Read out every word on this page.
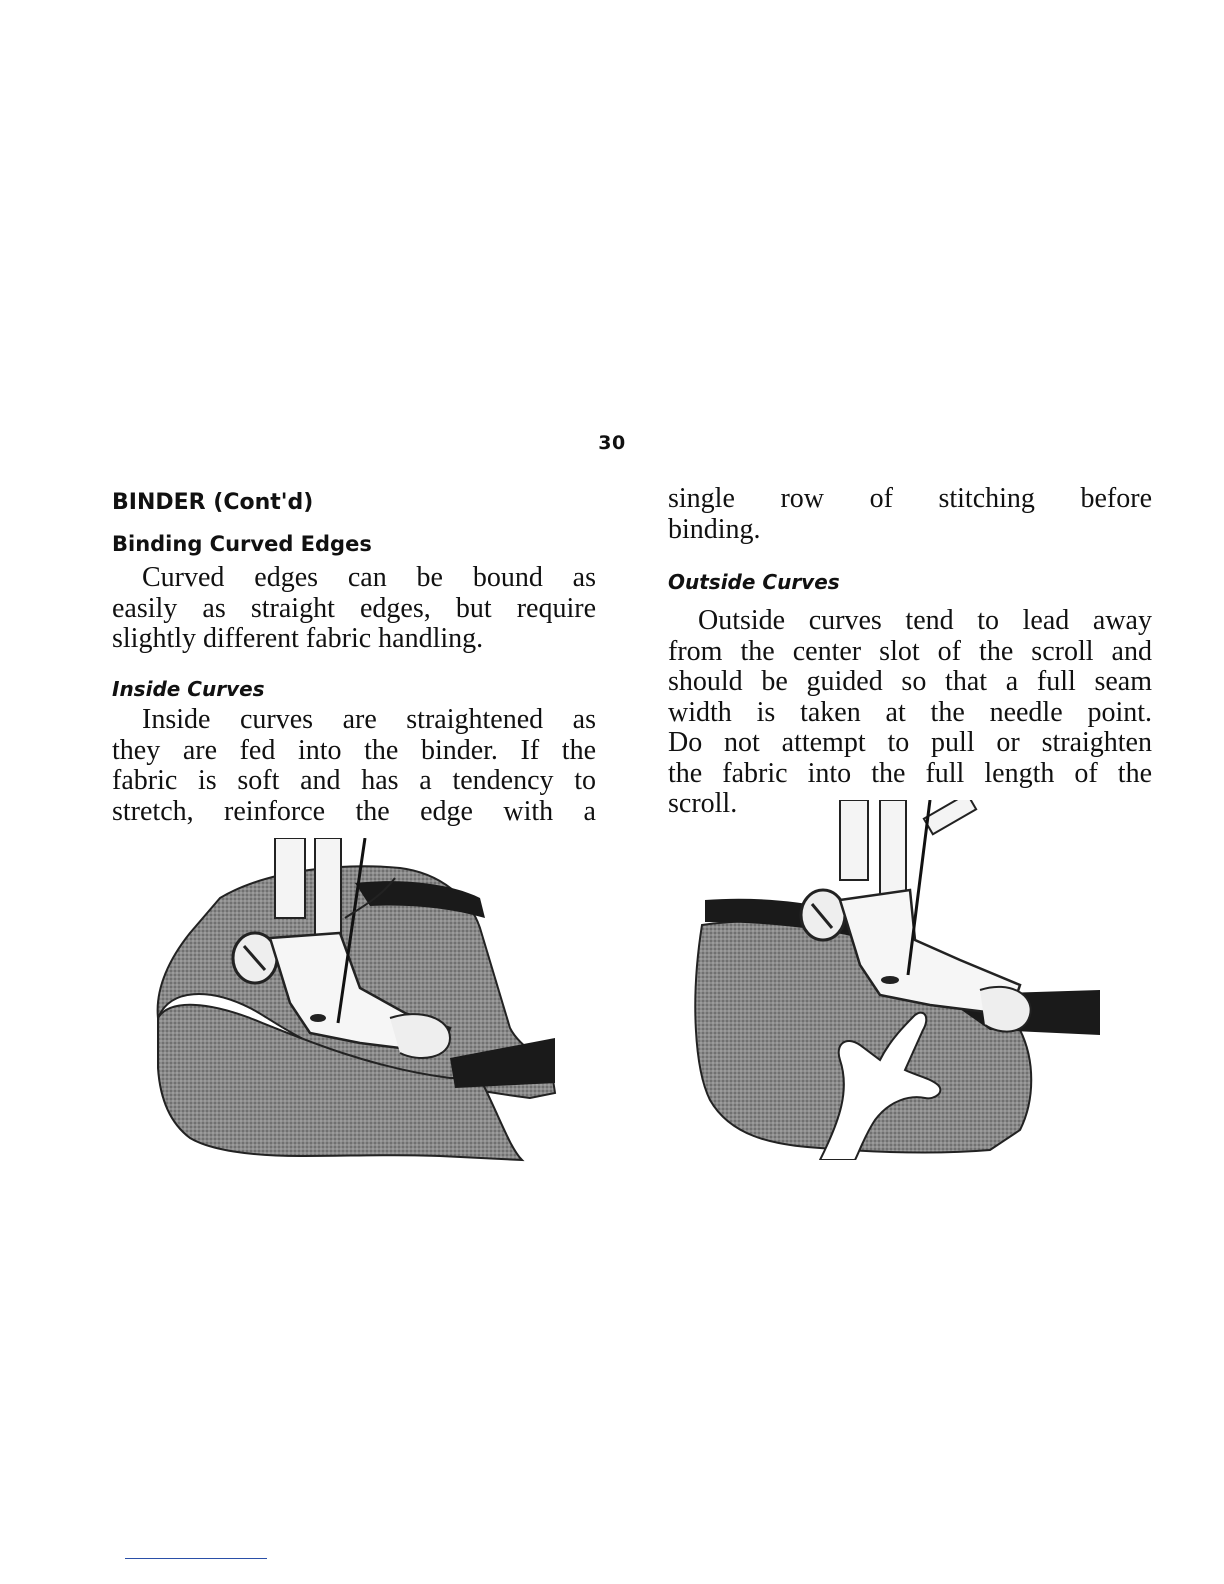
30
BINDER (Cont'd)
Binding Curved Edges
Curved edges can be bound as
easily as straight edges, but require
slightly different fabric handling.
Inside Curves
Inside curves are straightened as
they are fed into the binder. If the
fabric is soft and has a tendency to
stretch, reinforce the edge with a
single row of stitching before
binding.
Outside Curves
Outside curves tend to lead away
from the center slot of the scroll and
should be guided so that a full seam
width is taken at the needle point.
Do not attempt to pull or straighten
the fabric into the full length of the
scroll.
